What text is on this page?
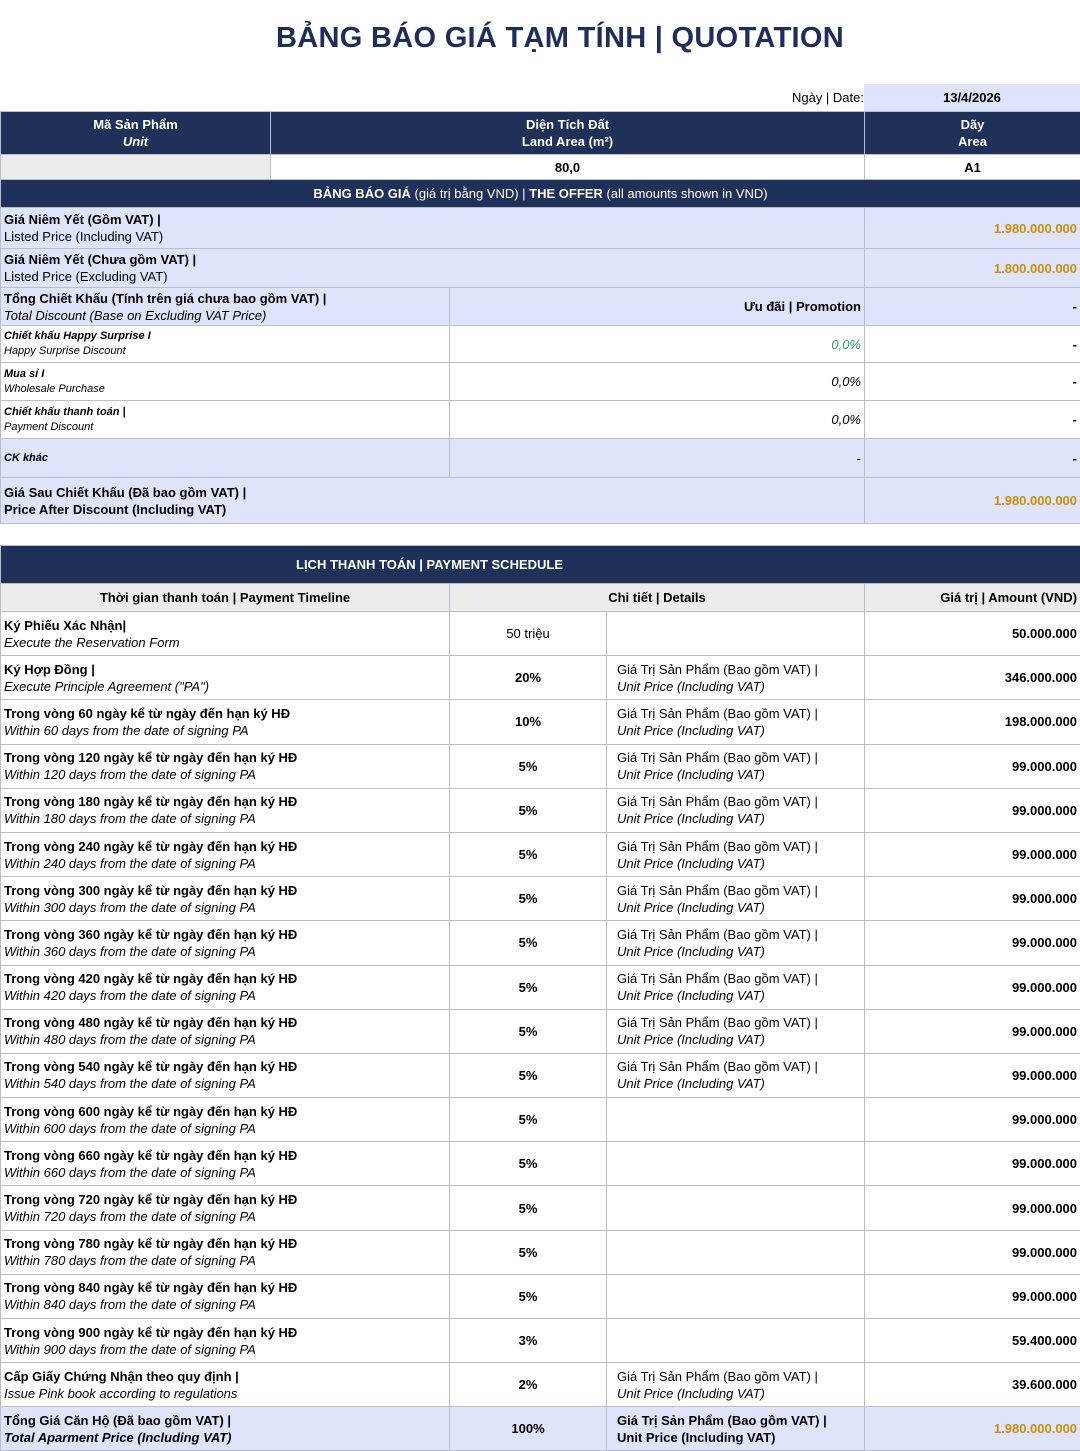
BẢNG BÁO GIÁ TẠM TÍNH | QUOTATION
Ngày | Date:	13/4/2026
Mã Sản Phẩm
Unit	Diện Tích Đất
Land Area (m²)	Dãy
Area

	80,0	A1
BẢNG BÁO GIÁ (giá trị bằng VND) | THE OFFER (all amounts shown in VND)		

Giá Niêm Yết (Gồm VAT) |
Listed Price (Including VAT)		1.980.000.000

Giá Niêm Yết (Chưa gồm VAT) |
Listed Price (Excluding VAT)		1.800.000.000

Tổng Chiết Khấu (Tính trên giá chưa bao gồm VAT) |
Total Discount (Base on Excluding VAT Price)	Ưu đãi | Promotion	-

Chiết khấu Happy Surprise I
Happy Surprise Discount	0,0%	-

Mua sỉ I
Wholesale Purchase	0,0%	-

Chiết khấu thanh toán |
Payment Discount	0,0%	-
CK khác	-	-

Giá Sau Chiết Khấu (Đã bao gồm VAT) |
Price After Discount (Including VAT)		1.980.000.000
LỊCH THANH TOÁN | PAYMENT SCHEDULE			
Thời gian thanh toán | Payment Timeline	Chi tiết | Details		Giá trị | Amount (VND)

Ký Phiếu Xác Nhận|
Execute the Reservation Form	50 triệu		50.000.000

Ký Hợp Đồng |
Execute Principle Agreement ("PA")	20%	Giá Trị Sản Phẩm (Bao gồm VAT) |
Unit Price (Including VAT)	346.000.000

Trong vòng 60 ngày kể từ ngày đến hạn ký HĐ
Within 60 days from the date of signing PA	10%	Giá Trị Sản Phẩm (Bao gồm VAT) |
Unit Price (Including VAT)	198.000.000

Trong vòng 120 ngày kể từ ngày đến hạn ký HĐ
Within 120 days from the date of signing PA	5%	Giá Trị Sản Phẩm (Bao gồm VAT) |
Unit Price (Including VAT)	99.000.000

Trong vòng 180 ngày kể từ ngày đến hạn ký HĐ
Within 180 days from the date of signing PA	5%	Giá Trị Sản Phẩm (Bao gồm VAT) |
Unit Price (Including VAT)	99.000.000

Trong vòng 240 ngày kể từ ngày đến hạn ký HĐ
Within 240 days from the date of signing PA	5%	Giá Trị Sản Phẩm (Bao gồm VAT) |
Unit Price (Including VAT)	99.000.000

Trong vòng 300 ngày kể từ ngày đến hạn ký HĐ
Within 300 days from the date of signing PA	5%	Giá Trị Sản Phẩm (Bao gồm VAT) |
Unit Price (Including VAT)	99.000.000

Trong vòng 360 ngày kể từ ngày đến hạn ký HĐ
Within 360 days from the date of signing PA	5%	Giá Trị Sản Phẩm (Bao gồm VAT) |
Unit Price (Including VAT)	99.000.000

Trong vòng 420 ngày kể từ ngày đến hạn ký HĐ
Within 420 days from the date of signing PA	5%	Giá Trị Sản Phẩm (Bao gồm VAT) |
Unit Price (Including VAT)	99.000.000

Trong vòng 480 ngày kể từ ngày đến hạn ký HĐ
Within 480 days from the date of signing PA	5%	Giá Trị Sản Phẩm (Bao gồm VAT) |
Unit Price (Including VAT)	99.000.000

Trong vòng 540 ngày kể từ ngày đến hạn ký HĐ
Within 540 days from the date of signing PA	5%	Giá Trị Sản Phẩm (Bao gồm VAT) |
Unit Price (Including VAT)	99.000.000

Trong vòng 600 ngày kể từ ngày đến hạn ký HĐ
Within 600 days from the date of signing PA	5%		99.000.000

Trong vòng 660 ngày kể từ ngày đến hạn ký HĐ
Within 660 days from the date of signing PA	5%		99.000.000

Trong vòng 720 ngày kể từ ngày đến hạn ký HĐ
Within 720 days from the date of signing PA	5%		99.000.000

Trong vòng 780 ngày kể từ ngày đến hạn ký HĐ
Within 780 days from the date of signing PA	5%		99.000.000

Trong vòng 840 ngày kể từ ngày đến hạn ký HĐ
Within 840 days from the date of signing PA	5%		99.000.000

Trong vòng 900 ngày kể từ ngày đến hạn ký HĐ
Within 900 days from the date of signing PA	3%		59.400.000

Cấp Giấy Chứng Nhận theo quy định |
Issue Pink book according to regulations	2%	Giá Trị Sản Phẩm (Bao gồm VAT) |
Unit Price (Including VAT)	39.600.000

Tổng Giá Căn Hộ (Đã bao gồm VAT) |
Total Aparment Price (Including VAT)	100%	Giá Trị Sản Phẩm (Bao gồm VAT) |
Unit Price (Including VAT)	1.980.000.000
